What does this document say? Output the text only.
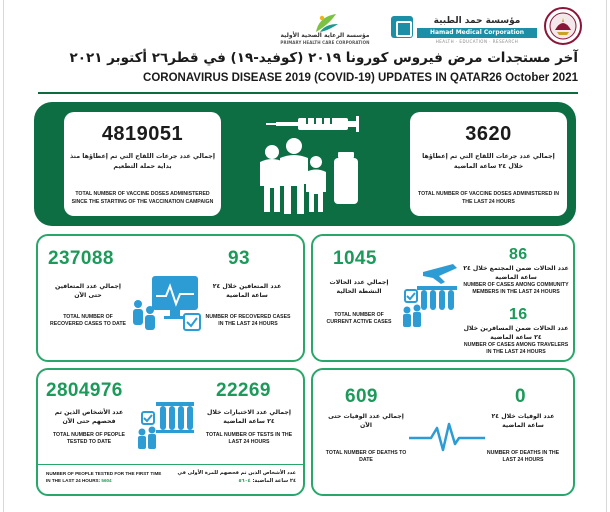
مؤسسة الرعاية الصحية الأولية
PRIMARY HEALTH CARE CORPORATION
مؤسسة حمد الطبية
Hamad Medical Corporation
HEALTH · EDUCATION · RESEARCH
آخر مستجدات مرض فيروس كورونا ٢٠١٩ (كوفيد-١٩) في قطر٢٦ أكتوبر ٢٠٢١
CORONAVIRUS DISEASE 2019 (COVID-19) UPDATES IN QATAR26 October 2021
4819051
إجمالي عدد جرعات اللقاح التي تم إعطاؤها منذ بداية حملة التطعيم
TOTAL NUMBER OF VACCINE DOSES ADMINISTERED SINCE THE STARTING OF THE VACCINATION CAMPAIGN
3620
إجمالي عدد جرعات اللقاح التي تم إعطاؤها خلال ٢٤ ساعة الماضية
TOTAL NUMBER OF VACCINE DOSES ADMINISTERED IN THE LAST 24 HOURS
237088
إجمالي عدد المتعافين حتى الآن
TOTAL NUMBER OF RECOVERED CASES TO DATE
93
عدد المتعافين خلال ٢٤ ساعة الماضية
NUMBER OF RECOVERED CASES IN THE LAST 24 HOURS
1045
إجمالي عدد الحالات النشطة الحالية
TOTAL NUMBER OF CURRENT ACTIVE CASES
86
عدد الحالات ضمن المجتمع خلال ٢٤ ساعة الماضية
NUMBER OF CASES AMONG COMMUNITY MEMBERS IN THE LAST 24 HOURS
16
عدد الحالات ضمن المسافرين خلال ٢٤ ساعة الماضية
NUMBER OF CASES AMONG TRAVELERS IN THE LAST 24 HOURS
2804976
عدد الأشخاص الذين تم فحصهم حتى الآن
TOTAL NUMBER OF PEOPLE TESTED TO DATE
22269
إجمالي عدد الاختبارات خلال ٢٤ ساعة الماضية
TOTAL NUMBER OF TESTS IN THE LAST 24 HOURS
NUMBER OF PEOPLE TESTED FOR THE FIRST TIME IN THE LAST 24 HOURS: 5604
عدد الأشخاص الذين تم فحصهم للمرة الأولى في ٢٤ ساعة الماضية: ٥٦٠٤
609
إجمالي عدد الوفيات حتى الآن
TOTAL NUMBER OF DEATHS TO DATE
0
عدد الوفيات خلال ٢٤ ساعة الماضية
NUMBER OF DEATHS IN THE LAST 24 HOURS
